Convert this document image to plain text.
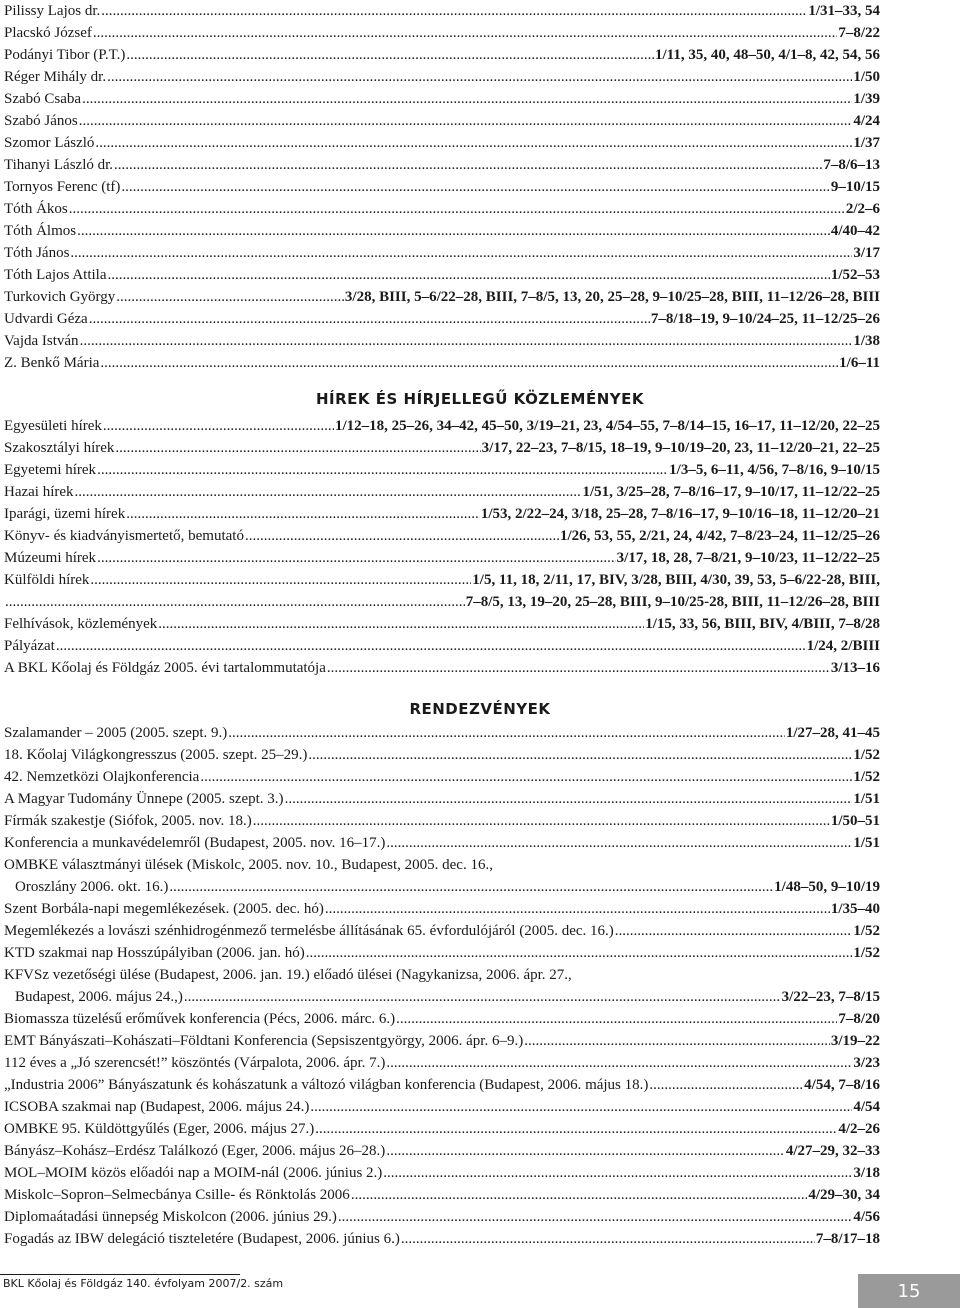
Pilissy Lajos dr. .....	1/31–33, 54
Placskó József .....	7–8/22
Podányi Tibor (P.T.) .....	1/11, 35, 40, 48–50, 4/1–8, 42, 54, 56
Réger Mihály dr. .....	1/50
Szabó Csaba .....	1/39
Szabó János .....	4/24
Szomor László .....	1/37
Tihanyi László dr. .....	7–8/6–13
Tornyos Ferenc (tf) .....	9–10/15
Tóth Ákos .....	2/2–6
Tóth Álmos .....	4/40–42
Tóth János .....	3/17
Tóth Lajos Attila .....	1/52–53
Turkovich György .....	3/28, BIII, 5–6/22–28, BIII, 7–8/5, 13, 20, 25–28, 9–10/25–28, BIII, 11–12/26–28, BIII
Udvardi Géza .....	7–8/18–19, 9–10/24–25, 11–12/25–26
Vajda István .....	1/38
Z. Benkő Mária .....	1/6–11
HÍREK ÉS HÍRJELLEGŰ KÖZLEMÉNYEK
Egyesületi hírek .....	1/12–18, 25–26, 34–42, 45–50, 3/19–21, 23, 4/54–55, 7–8/14–15, 16–17, 11–12/20, 22–25
Szakosztályi hírek .....	3/17, 22–23, 7–8/15, 18–19, 9–10/19–20, 23, 11–12/20–21, 22–25
Egyetemi hírek .....	1/3–5, 6–11, 4/56, 7–8/16, 9–10/15
Hazai hírek .....	1/51, 3/25–28, 7–8/16–17, 9–10/17, 11–12/22–25
Iparági, üzemi hírek .....	1/53, 2/22–24, 3/18, 25–28, 7–8/16–17, 9–10/16–18, 11–12/20–21
Könyv- és kiadványismertető, bemutató .....	1/26, 53, 55, 2/21, 24, 4/42, 7–8/23–24, 11–12/25–26
Múzeumi hírek .....	3/17, 18, 28, 7–8/21, 9–10/23, 11–12/22–25
Külföldi hírek .....	1/5, 11, 18, 2/11, 17, BIV, 3/28, BIII, 4/30, 39, 53, 5–6/22-28, BIII,
.....
7–8/5, 13, 19–20, 25–28, BIII, 9–10/25-28, BIII, 11–12/26–28, BIII
Felhívások, közlemények .....	1/15, 33, 56, BIII, BIV, 4/BIII, 7–8/28
Pályázat .....	1/24, 2/BIII
A BKL Kőolaj és Földgáz 2005. évi tartalommutatója .....	3/13–16
RENDEZVÉNYEK
Szalamander – 2005 (2005. szept. 9.) .....	1/27–28, 41–45
18. Kőolaj Világkongresszus (2005. szept. 25–29.) .....	1/52
42. Nemzetközi Olajkonferencia .....	1/52
A Magyar Tudomány Ünnepe (2005. szept. 3.) .....	1/51
Fírmák szakestje (Siófok, 2005. nov. 18.) .....	1/50–51
Konferencia a munkavédelemről (Budapest, 2005. nov. 16–17.) .....	1/51
OMBKE választmányi ülések (Miskolc, 2005. nov. 10., Budapest, 2005. dec. 16.,
Oroszlány 2006. okt. 16.) .....	1/48–50, 9–10/19
Szent Borbála-napi megemlékezések. (2005. dec. hó) .....	1/35–40
Megemlékezés a lovászi szénhidrogénmező termelésbe állításának 65. évfordulójáról (2005. dec. 16.) .....	1/52
KTD szakmai nap Hosszúpályiban (2006. jan. hó) .....	1/52
KFVSz vezetőségi ülése (Budapest, 2006. jan. 19.) előadó ülései (Nagykanizsa, 2006. ápr. 27.,
Budapest, 2006. május 24.,) .....	3/22–23, 7–8/15
Biomassza tüzelésű erőművek konferencia (Pécs, 2006. márc. 6.) .....	7–8/20
EMT Bányászati–Kohászati–Földtani Konferencia (Sepsiszentgyörgy, 2006. ápr. 6–9.) .....	3/19–22
112 éves a „Jó szerencsét!” köszöntés (Várpalota, 2006. ápr. 7.) .....	3/23
„Industria 2006” Bányászatunk és kohászatunk a változó világban konferencia (Budapest, 2006. május 18.) .....	4/54, 7–8/16
ICSOBA szakmai nap (Budapest, 2006. május 24.) .....	4/54
OMBKE 95. Küldöttgyűlés (Eger, 2006. május 27.) .....	4/2–26
Bányász–Kohász–Erdész Találkozó (Eger, 2006. május 26–28.) .....	4/27–29, 32–33
MOL–MOIM közös előadói nap a MOIM-nál (2006. június 2.) .....	3/18
Miskolc–Sopron–Selmecbánya Csille- és Rönktolás 2006 .....	4/29–30, 34
Diplomaátadási ünnepség Miskolcon (2006. június 29.) .....	4/56
Fogadás az IBW delegáció tiszteletére (Budapest, 2006. június 6.) .....	7–8/17–18
BKL Kőolaj és Földgáz 140. évfolyam 2007/2. szám	15
